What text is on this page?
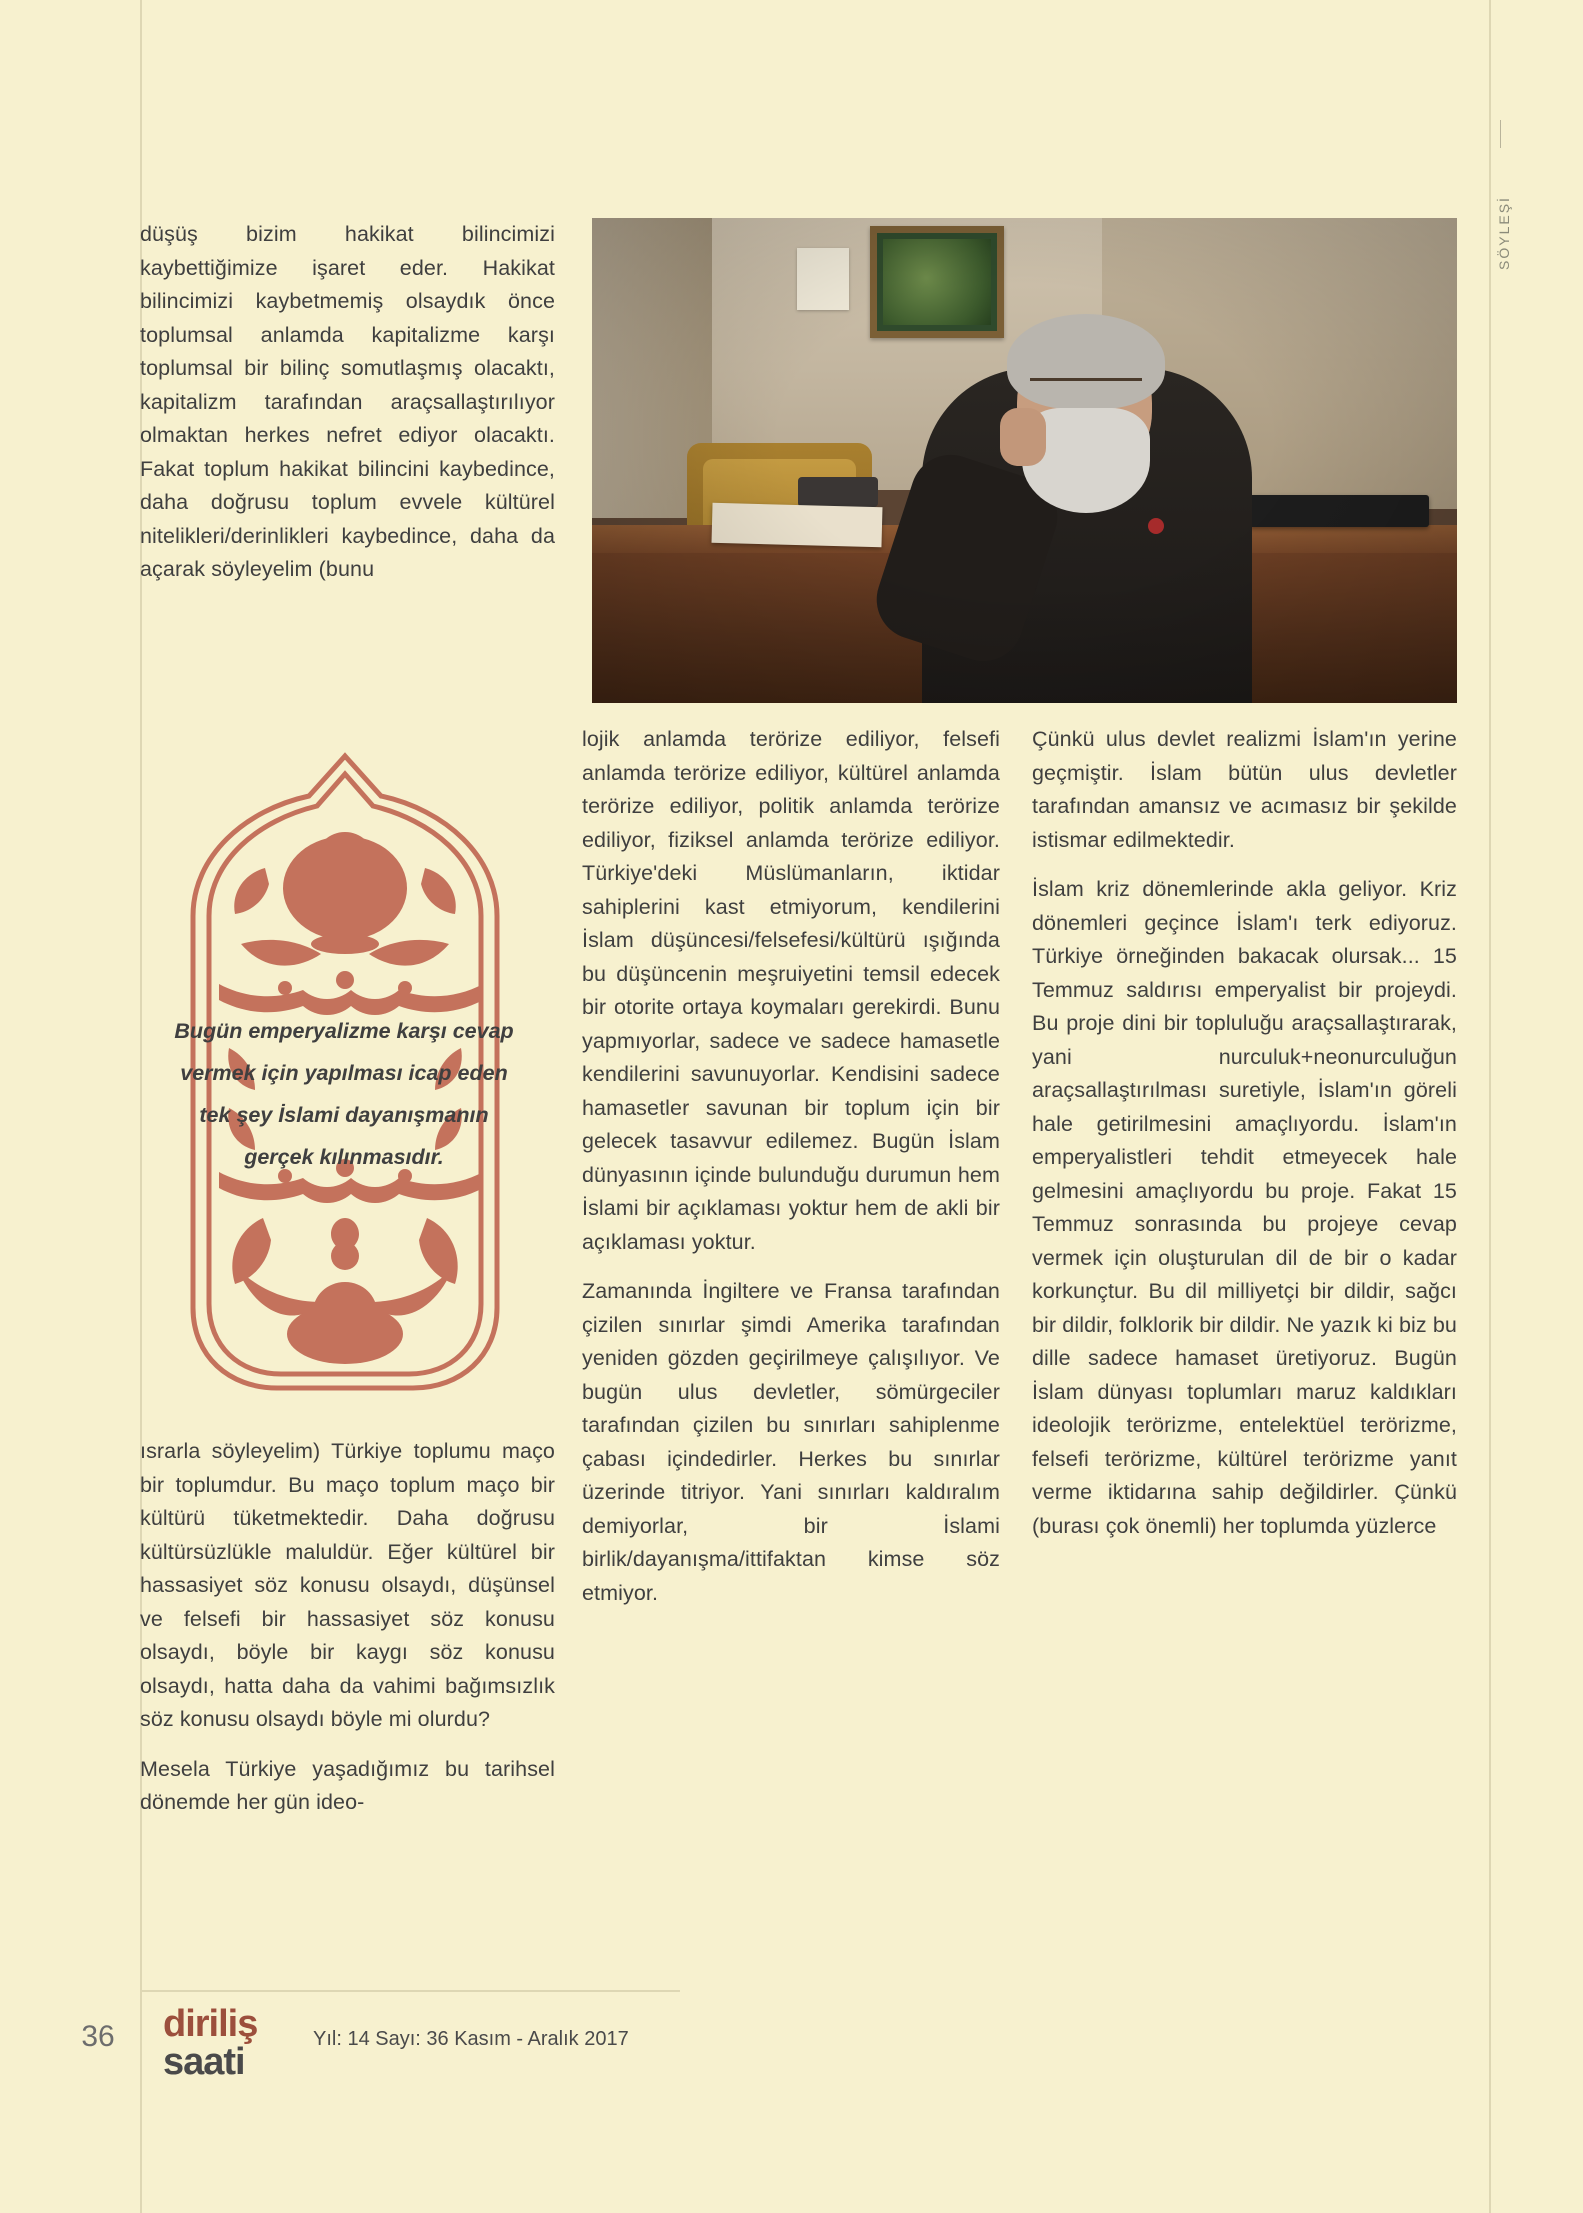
SÖYLEŞİ

düşüş bizim hakikat bilincimizi kaybettiğimize işaret eder. Hakikat bilincimizi kaybetmemiş olsaydık önce toplumsal anlamda kapitalizme karşı toplumsal bir bilinç somutlaşmış olacaktı, kapitalizm tarafından araçsallaştırılıyor olmaktan herkes nefret ediyor olacaktı. Fakat toplum hakikat bilincini kaybedince, daha doğrusu toplum evvele kültürel nitelikleri/derinlikleri kaybedince, daha da açarak söyleyelim (bunu

Bugün emperyalizme karşı cevap vermek için yapılması icap eden tek şey İslami dayanışmanın gerçek kılınmasıdır.

ısrarla söyleyelim) Türkiye toplumu maço bir toplumdur. Bu maço toplum maço bir kültürü tüketmektedir. Daha doğrusu kültürsüzlükle maluldür. Eğer kültürel bir hassasiyet söz konusu olsaydı, düşünsel ve felsefi bir hassasiyet söz konusu olsaydı, böyle bir kaygı söz konusu olsaydı, hatta daha da vahimi bağımsızlık söz konusu olsaydı böyle mi olurdu?

Mesela Türkiye yaşadığımız bu tarihsel dönemde her gün ideo-

lojik anlamda terörize ediliyor, felsefi anlamda terörize ediliyor, kültürel anlamda terörize ediliyor, politik anlamda terörize ediliyor, fiziksel anlamda terörize ediliyor. Türkiye'deki Müslümanların, iktidar sahiplerini kast etmiyorum, kendilerini İslam düşüncesi/felsefesi/kültürü ışığında bu düşüncenin meşruiyetini temsil edecek bir otorite ortaya koymaları gerekirdi. Bunu yapmıyorlar, sadece ve sadece hamasetle kendilerini savunuyorlar. Kendisini sadece hamasetler savunan bir toplum için bir gelecek tasavvur edilemez. Bugün İslam dünyasının içinde bulunduğu durumun hem İslami bir açıklaması yoktur hem de akli bir açıklaması yoktur.

Zamanında İngiltere ve Fransa tarafından çizilen sınırlar şimdi Amerika tarafından yeniden gözden geçirilmeye çalışılıyor. Ve bugün ulus devletler, sömürgeciler tarafından çizilen bu sınırları sahiplenme çabası içindedirler. Herkes bu sınırlar üzerinde titriyor. Yani sınırları kaldıralım demiyorlar, bir İslami birlik/dayanışma/ittifaktan kimse söz etmiyor.

Çünkü ulus devlet realizmi İslam'ın yerine geçmiştir. İslam bütün ulus devletler tarafından amansız ve acımasız bir şekilde istismar edilmektedir.

İslam kriz dönemlerinde akla geliyor. Kriz dönemleri geçince İslam'ı terk ediyoruz. Türkiye örneğinden bakacak olursak... 15 Temmuz saldırısı emperyalist bir projeydi. Bu proje dini bir topluluğu araçsallaştırarak, yani nurculuk+neonurculuğun araçsallaştırılması suretiyle, İslam'ın göreli hale getirilmesini amaçlıyordu. İslam'ın emperyalistleri tehdit etmeyecek hale gelmesini amaçlıyordu bu proje. Fakat 15 Temmuz sonrasında bu projeye cevap vermek için oluşturulan dil de bir o kadar korkunçtur. Bu dil milliyetçi bir dildir, sağcı bir dildir, folklorik bir dildir. Ne yazık ki biz bu dille sadece hamaset üretiyoruz. Bugün İslam dünyası toplumları maruz kaldıkları ideolojik terörizme, entelektüel terörizme, felsefi terörizme, kültürel terörizme yanıt verme iktidarına sahip değildirler. Çünkü (burası çok önemli) her toplumda yüzlerce

36	diriliş
saati
Yıl: 14 Sayı: 36 Kasım - Aralık 2017
